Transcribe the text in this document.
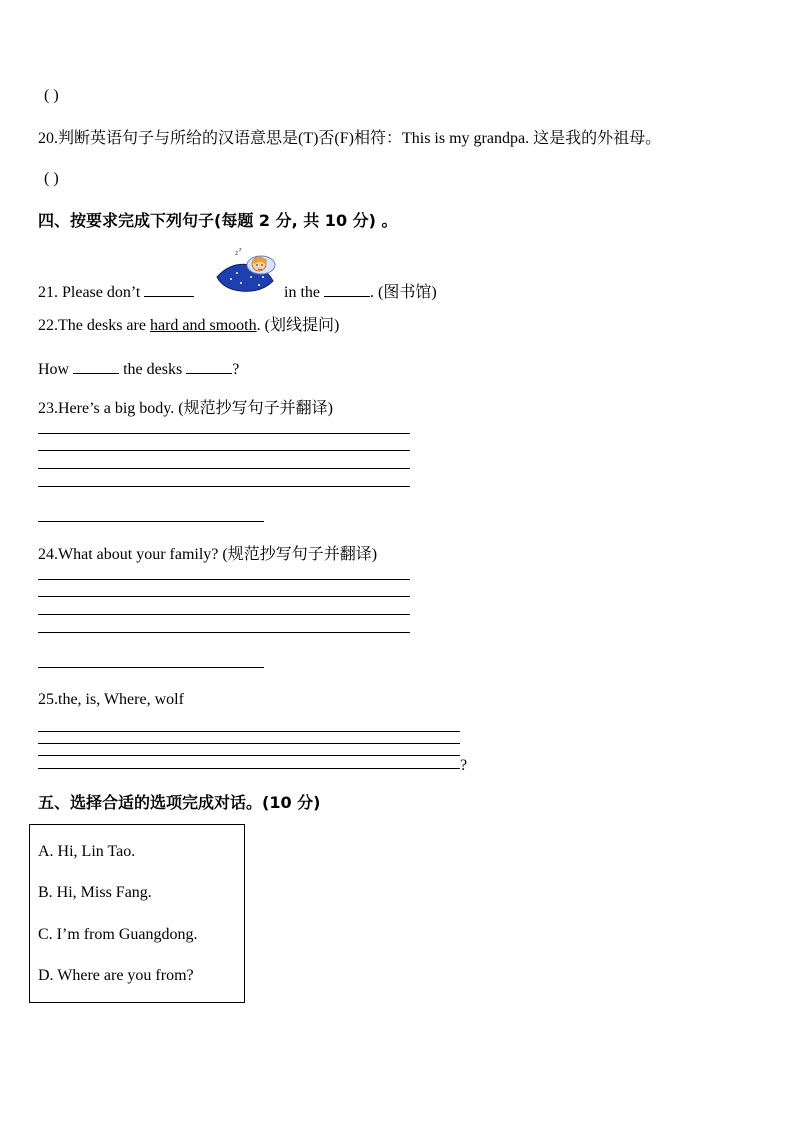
( )
20.判断英语句子与所给的汉语意思是(T)否(F)相符：This is my grandpa. 这是我的外祖母。
( )
四、按要求完成下列句子(每题 2 分, 共 10 分) 。
21. Please don’t
z z
in the	. (图书馆)
22.The desks are hard and smooth. (划线提问)
How	the desks	?
23.Here’s a big body. (规范抄写句子并翻译)
24.What about your family? (规范抄写句子并翻译)
25.the, is, Where, wolf
?
五、选择合适的选项完成对话。(10 分)
A. Hi, Lin Tao.
B. Hi, Miss Fang.
C. I’m from Guangdong.
D. Where are you from?
